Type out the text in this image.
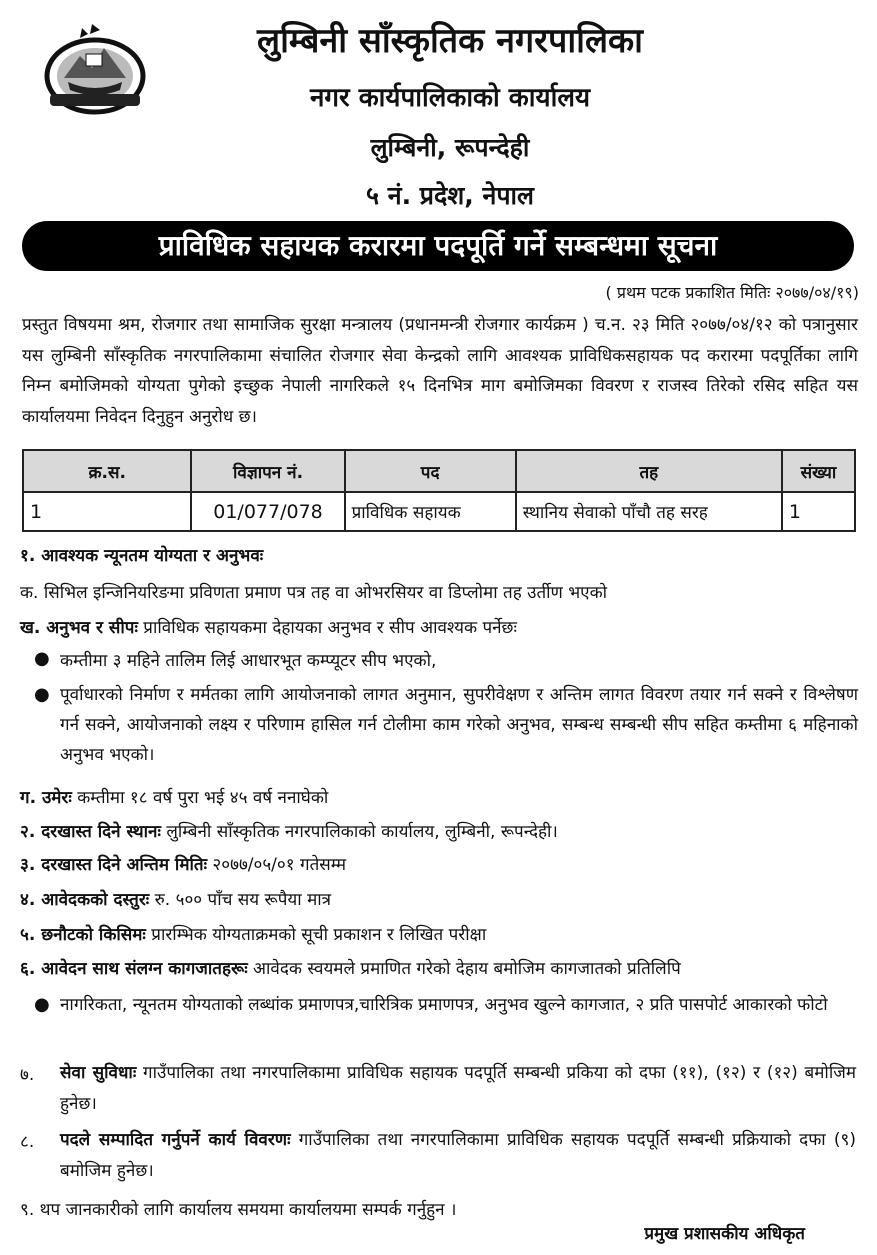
लुम्बिनी साँस्कृतिक नगरपालिका
नगर कार्यपालिकाको कार्यालय
लुम्बिनी, रूपन्देही
५ नं. प्रदेश, नेपाल
प्राविधिक सहायक करारमा पदपूर्ति गर्ने सम्बन्धमा सूचना
( प्रथम पटक प्रकाशित मितिः २०७७/०४/१९)
प्रस्तुत विषयमा श्रम, रोजगार तथा सामाजिक सुरक्षा मन्त्रालय (प्रधानमन्त्री रोजगार कार्यक्रम ) च.न. २३ मिति २०७७/०४/१२ को पत्रानुसार यस लुम्बिनी साँस्कृतिक नगरपालिकामा संचालित रोजगार सेवा केन्द्रको लागि आवश्यक प्राविधिकसहायक पद करारमा पदपूर्तिका लागि निम्न बमोजिमको योग्यता पुगेको इच्छुक नेपाली नागरिकले १५ दिनभित्र माग बमोजिमका विवरण र राजस्व तिरेको रसिद सहित यस कार्यालयमा निवेदन दिनुहुन अनुरोध छ।
क्र.स.	विज्ञापन नं.	पद	तह	संख्या
1	01/077/078	प्राविधिक सहायक	स्थानिय सेवाको पाँचौ तह सरह	1
१. आवश्यक न्यूनतम योग्यता र अनुभवः
क. सिभिल इन्जिनियरिङमा प्रविणता प्रमाण पत्र तह वा ओभरसियर वा डिप्लोमा तह उर्तीण भएको
ख. अनुभव र सीपः प्राविधिक सहायकमा देहायका अनुभव र सीप आवश्यक पर्नेछः
● कम्तीमा ३ महिने तालिम लिई आधारभूत कम्प्यूटर सीप भएको,
● पूर्वाधारको निर्माण र मर्मतका लागि आयोजनाको लागत अनुमान, सुपरीवेक्षण र अन्तिम लागत विवरण तयार गर्न सक्ने र विश्लेषण गर्न सक्ने, आयोजनाको लक्ष्य र परिणाम हासिल गर्न टोलीमा काम गरेको अनुभव, सम्बन्ध सम्बन्धी सीप सहित कम्तीमा ६ महिनाको अनुभव भएको।
ग. उमेरः कम्तीमा १८ वर्ष पुरा भई ४५ वर्ष ननाघेको
२. दरखास्त दिने स्थानः लुम्बिनी साँस्कृतिक नगरपालिकाको कार्यालय, लुम्बिनी, रूपन्देही।
३. दरखास्त दिने अन्तिम मितिः २०७७/०५/०१ गतेसम्म
४. आवेदकको दस्तुरः रु. ५०० पाँच सय रूपैया मात्र
५. छनौटको किसिमः प्रारम्भिक योग्यताक्रमको सूची प्रकाशन र लिखित परीक्षा
६. आवेदन साथ संलग्न कागजातहरूः आवेदक स्वयमले प्रमाणित गरेको देहाय बमोजिम कागजातको प्रतिलिपि
● नागरिकता, न्यूनतम योग्यताको लब्धांक प्रमाणपत्र,चारित्रिक प्रमाणपत्र, अनुभव खुल्ने कागजात, २ प्रति पासपोर्ट आकारको फोटो
७. सेवा सुविधाः गाउँपालिका तथा नगरपालिकामा प्राविधिक सहायक पदपूर्ति सम्बन्धी प्रकिया को दफा (११), (१२) र (१२) बमोजिम हुनेछ।
८. पदले सम्पादित गर्नुपर्ने कार्य विवरणः गाउँपालिका तथा नगरपालिकामा प्राविधिक सहायक पदपूर्ति सम्बन्धी प्रक्रियाको दफा (९) बमोजिम हुनेछ।
९. थप जानकारीको लागि कार्यालय समयमा कार्यालयमा सम्पर्क गर्नुहुन ।
प्रमुख प्रशासकीय अधिकृत
